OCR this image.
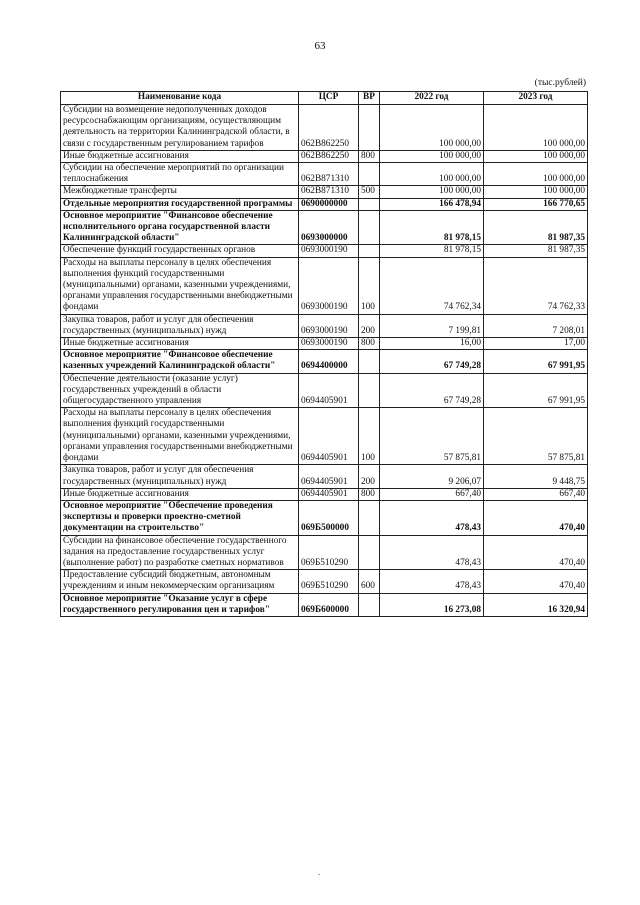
63
(тыс.рублей)
Наименование кода	ЦСР	ВР	2022 год	2023 год
Субсидии на возмещение недополученных доходов ресурсоснабжающим организациям, осуществляющим деятельность на территории Калининградской области, в связи с государственным регулированием тарифов	062В862250		100 000,00	100 000,00
Иные бюджетные ассигнования	062В862250	800	100 000,00	100 000,00
Субсидии на обеспечение мероприятий по организации теплоснабжения	062В871310		100 000,00	100 000,00
Межбюджетные трансферты	062В871310	500	100 000,00	100 000,00
Отдельные мероприятия государственной программы	0690000000		166 478,94	166 770,65
Основное мероприятие "Финансовое обеспечение исполнительного органа государственной власти Калининградской области"	0693000000		81 978,15	81 987,35
Обеспечение функций государственных органов	0693000190		81 978,15	81 987,35
Расходы на выплаты персоналу в целях обеспечения выполнения функций государственными (муниципальными) органами, казенными учреждениями, органами управления государственными внебюджетными фондами	0693000190	100	74 762,34	74 762,33
Закупка товаров, работ и услуг для обеспечения государственных (муниципальных) нужд	0693000190	200	7 199,81	7 208,01
Иные бюджетные ассигнования	0693000190	800	16,00	17,00
Основное мероприятие "Финансовое обеспечение казенных учреждений Калининградской области"	0694400000		67 749,28	67 991,95
Обеспечение деятельности (оказание услуг) государственных учреждений в области общегосударственного управления	0694405901		67 749,28	67 991,95
Расходы на выплаты персоналу в целях обеспечения выполнения функций государственными (муниципальными) органами, казенными учреждениями, органами управления государственными внебюджетными фондами	0694405901	100	57 875,81	57 875,81
Закупка товаров, работ и услуг для обеспечения государственных (муниципальных) нужд	0694405901	200	9 206,07	9 448,75
Иные бюджетные ассигнования	0694405901	800	667,40	667,40
Основное мероприятие "Обеспечение проведения экспертизы и проверки проектно-сметной документации на строительство"	069Б500000		478,43	470,40
Субсидии на финансовое обеспечение государственного задания на предоставление государственных услуг (выполнение работ) по разработке сметных нормативов	069Б510290		478,43	470,40
Предоставление субсидий бюджетным, автономным учреждениям и иным некоммерческим организациям	069Б510290	600	478,43	470,40
Основное мероприятие "Оказание услуг в сфере государственного регулирования цен и тарифов"	069Б600000		16 273,08	16 320,94
.
